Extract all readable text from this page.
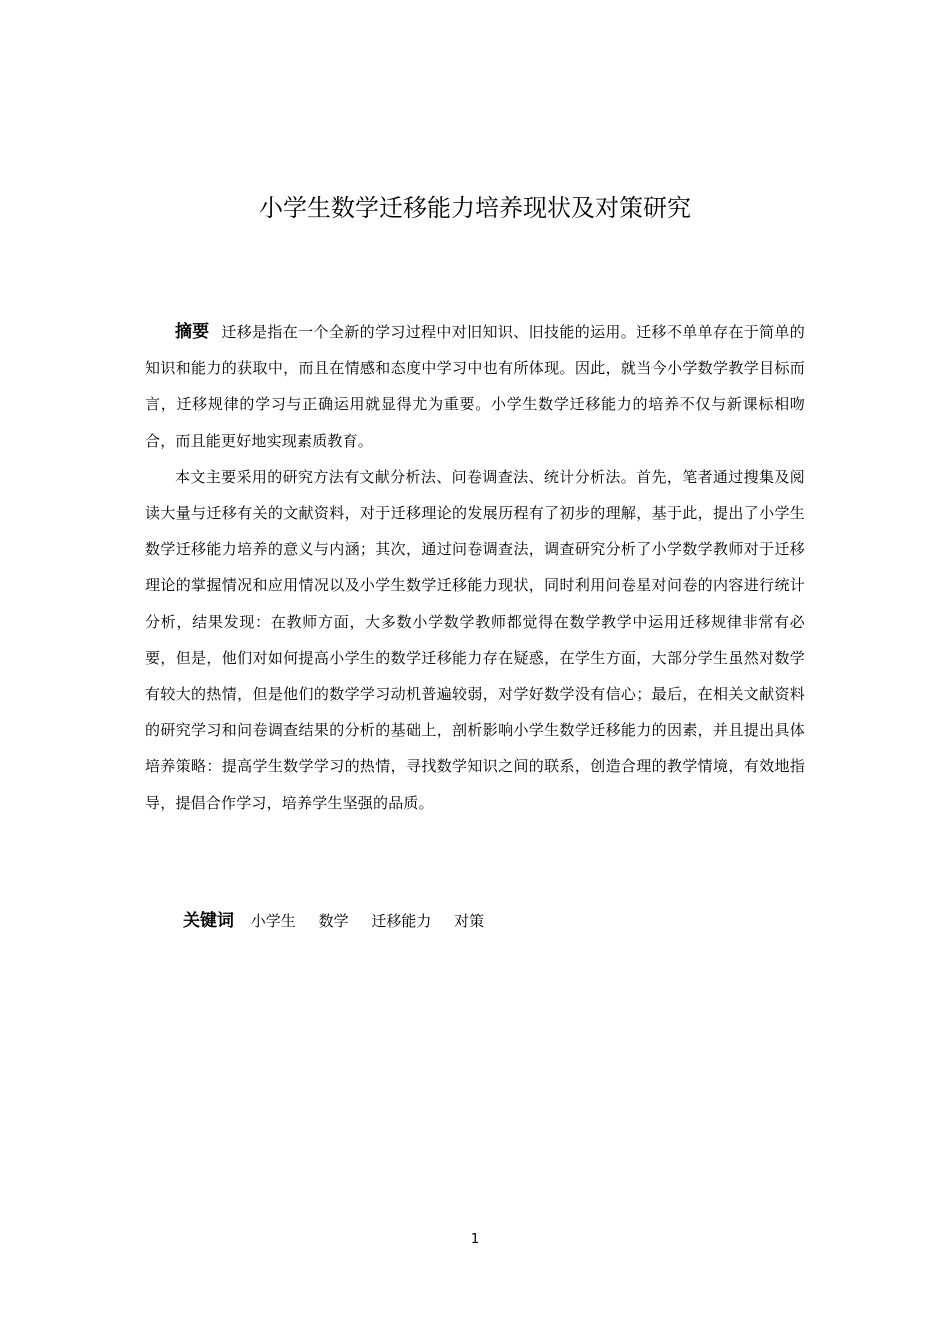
小学生数学迁移能力培养现状及对策研究

摘要 迁移是指在一个全新的学习过程中对旧知识、旧技能的运用。迁移不单单存在于简单的知识和能力的获取中，而且在情感和态度中学习中也有所体现。因此，就当今小学数学教学目标而言，迁移规律的学习与正确运用就显得尤为重要。小学生数学迁移能力的培养不仅与新课标相吻合，而且能更好地实现素质教育。

本文主要采用的研究方法有文献分析法、问卷调查法、统计分析法。首先，笔者通过搜集及阅读大量与迁移有关的文献资料，对于迁移理论的发展历程有了初步的理解，基于此，提出了小学生数学迁移能力培养的意义与内涵；其次，通过问卷调查法，调查研究分析了小学数学教师对于迁移理论的掌握情况和应用情况以及小学生数学迁移能力现状，同时利用问卷星对问卷的内容进行统计分析，结果发现：在教师方面，大多数小学数学教师都觉得在数学教学中运用迁移规律非常有必要，但是，他们对如何提高小学生的数学迁移能力存在疑惑，在学生方面，大部分学生虽然对数学有较大的热情，但是他们的数学学习动机普遍较弱，对学好数学没有信心；最后，在相关文献资料的研究学习和问卷调查结果的分析的基础上，剖析影响小学生数学迁移能力的因素，并且提出具体培养策略：提高学生数学学习的热情，寻找数学知识之间的联系，创造合理的教学情境，有效地指导，提倡合作学习，培养学生坚强的品质。

关键词 小学生 数学 迁移能力 对策
1
